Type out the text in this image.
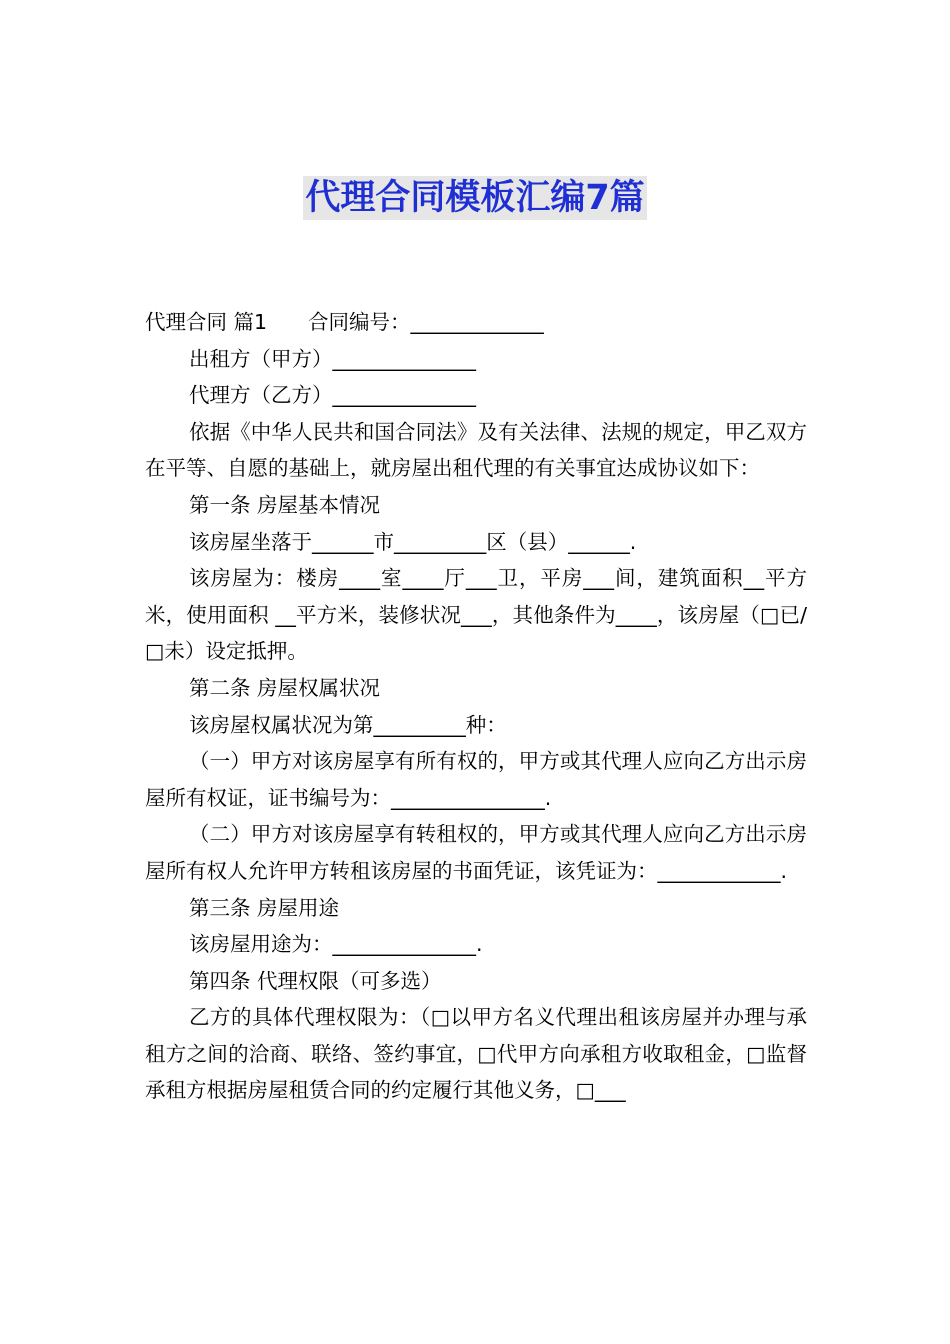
代理合同模板汇编7篇

代理合同 篇1　　合同编号：_____________

出租方（甲方）______________

代理方（乙方）______________

依据《中华人民共和国合同法》及有关法律、法规的规定，甲乙双方在平等、自愿的基础上，就房屋出租代理的有关事宜达成协议如下：

第一条 房屋基本情况

该房屋坐落于______市_________区（县）______.

该房屋为：楼房____室____厅___卫，平房___间，建筑面积__平方米，使用面积 __平方米，装修状况___，其他条件为____，该房屋（□已/□未）设定抵押。

第二条 房屋权属状况

该房屋权属状况为第_________种：

（一）甲方对该房屋享有所有权的，甲方或其代理人应向乙方出示房屋所有权证，证书编号为：_______________.

（二）甲方对该房屋享有转租权的，甲方或其代理人应向乙方出示房屋所有权人允许甲方转租该房屋的书面凭证，该凭证为：____________.

第三条 房屋用途

该房屋用途为：______________.

第四条 代理权限（可多选）

乙方的具体代理权限为：（□以甲方名义代理出租该房屋并办理与承租方之间的洽商、联络、签约事宜，□代甲方向承租方收取租金，□监督承租方根据房屋租赁合同的约定履行其他义务，□___
